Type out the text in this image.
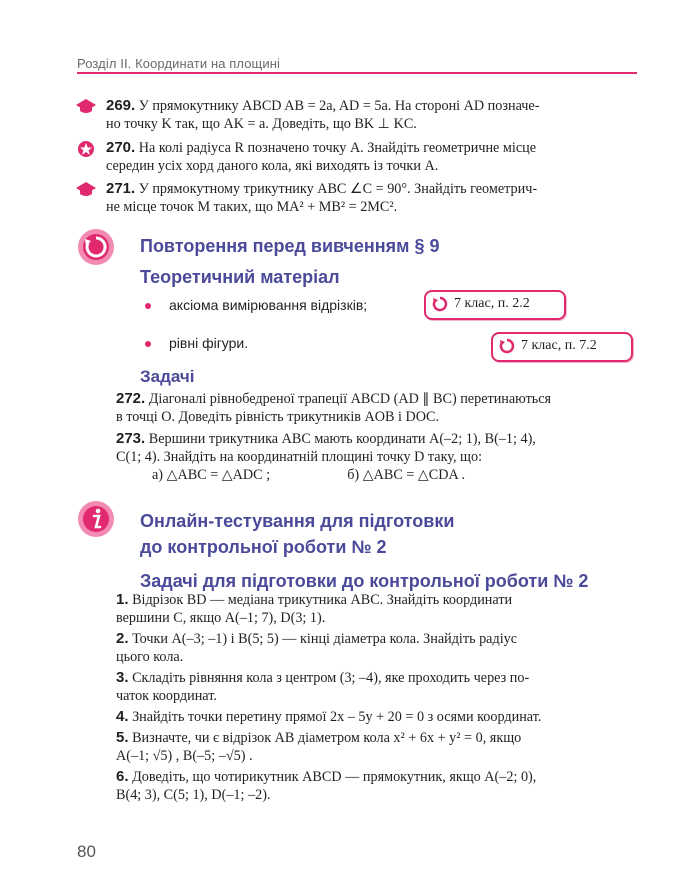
Розділ ІІ. Координати на площині
269. У прямокутнику ABCD AB = 2a, AD = 5a. На стороні AD позначе-
но точку K так, що AK = a. Доведіть, що BK ⊥ KC.
270. На колі радіуса R позначено точку A. Знайдіть геометричне місце
середин усіх хорд даного кола, які виходять із точки A.
271. У прямокутному трикутнику ABC ∠C = 90°. Знайдіть геометрич-
не місце точок M таких, що MA² + MB² = 2MC².
Повторення перед вивченням § 9
Теоретичний матеріал
аксіома вимірювання відрізків;	7 клас, п. 2.2
рівні фігури.	7 клас, п. 7.2
Задачі
272. Діагоналі рівнобедреної трапеції ABCD (AD ∥ BC) перетинаються
в точці O. Доведіть рівність трикутників AOB і DOC.
273. Вершини трикутника ABC мають координати A(–2; 1), B(–1; 4),
C(1; 4). Знайдіть на координатній площині точку D таку, що:
а) △ABC = △ADC ;	б) △ABC = △CDA .
Онлайн-тестування для підготовки
до контрольної роботи № 2
Задачі для підготовки до контрольної роботи № 2
1. Відрізок BD — медіана трикутника ABC. Знайдіть координати
вершини C, якщо A(–1; 7), D(3; 1).
2. Точки A(–3; –1) і B(5; 5) — кінці діаметра кола. Знайдіть радіус
цього кола.
3. Складіть рівняння кола з центром (3; –4), яке проходить через по-
чаток координат.
4. Знайдіть точки перетину прямої 2x – 5y + 20 = 0 з осями координат.
5. Визначте, чи є відрізок AB діаметром кола x² + 6x + y² = 0, якщо
A(–1; √5) , B(–5; –√5) .
6. Доведіть, що чотирикутник ABCD — прямокутник, якщо A(–2; 0),
B(4; 3), C(5; 1), D(–1; –2).
80
